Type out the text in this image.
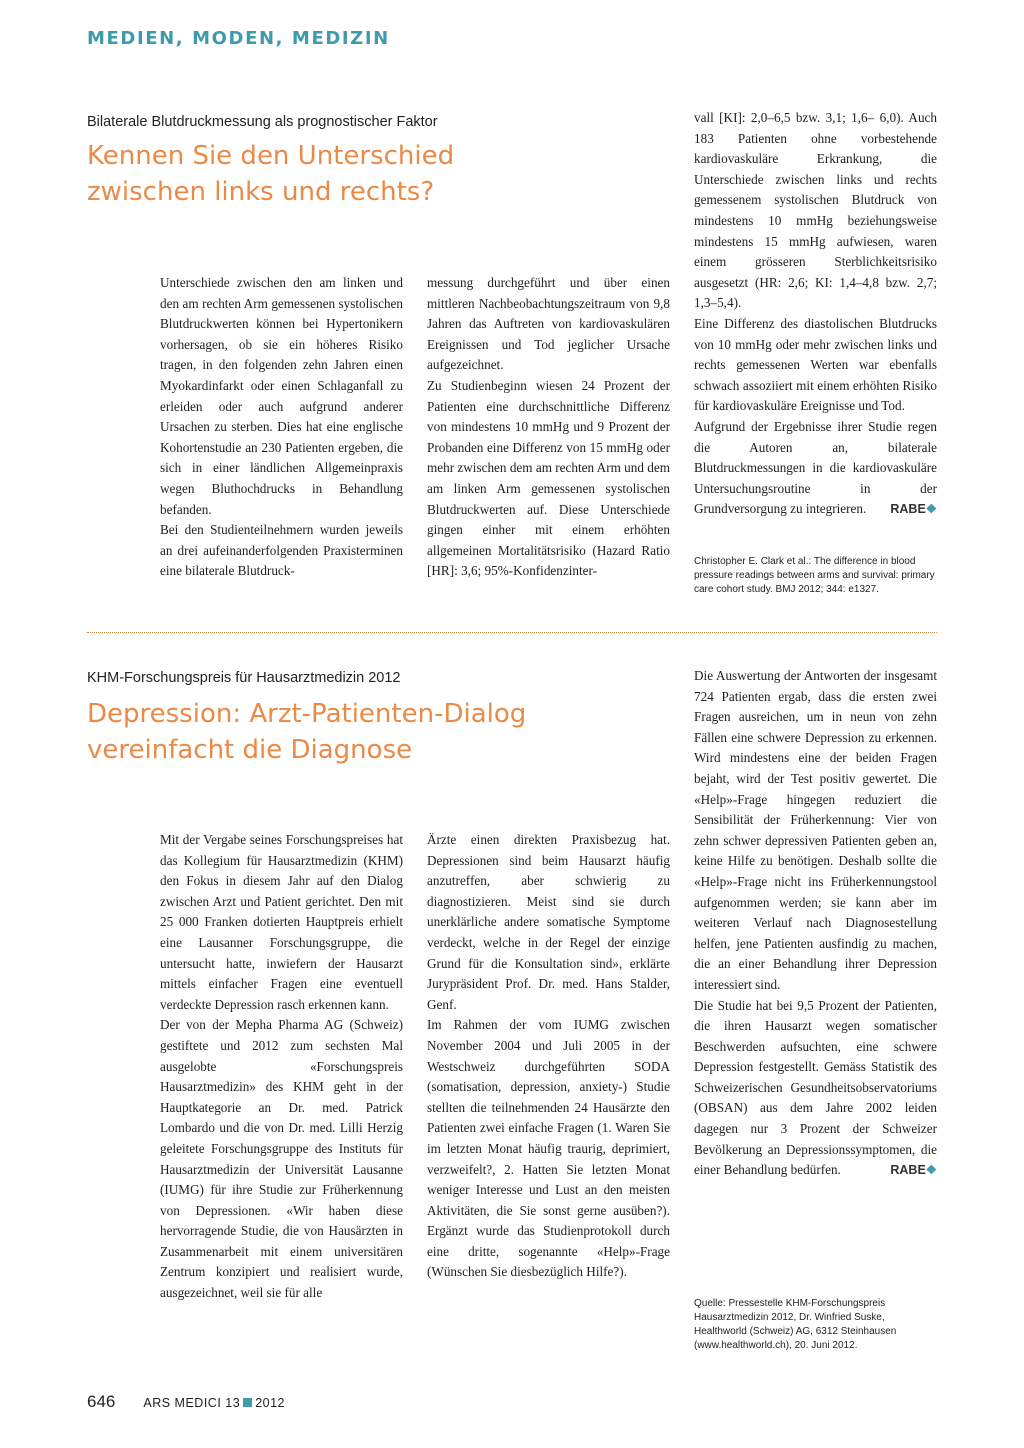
MEDIEN, MODEN, MEDIZIN
Bilaterale Blutdruckmessung als prognostischer Faktor
Kennen Sie den Unterschied
zwischen links und rechts?

Unterschiede zwischen den am linken und den am rechten Arm gemessenen systolischen Blutdruckwerten können bei Hypertonikern vorhersagen, ob sie ein höheres Risiko tragen, in den folgenden zehn Jahren einen Myokardinfarkt oder einen Schlaganfall zu erleiden oder auch aufgrund anderer Ursachen zu sterben. Dies hat eine englische Kohortenstudie an 230 Patienten ergeben, die sich in einer ländlichen Allgemeinpraxis wegen Bluthochdrucks in Behandlung befanden.

Bei den Studienteilnehmern wurden jeweils an drei aufeinanderfolgenden Praxisterminen eine bilaterale Blutdruck-

messung durchgeführt und über einen mittleren Nachbeobachtungszeitraum von 9,8 Jahren das Auftreten von kardiovaskulären Ereignissen und Tod jeglicher Ursache aufgezeichnet.

Zu Studienbeginn wiesen 24 Prozent der Patienten eine durchschnittliche Differenz von mindestens 10 mmHg und 9 Prozent der Probanden eine Differenz von 15 mmHg oder mehr zwischen dem am rechten Arm und dem am linken Arm gemessenen systolischen Blutdruckwerten auf. Diese Unterschiede gingen einher mit einem erhöhten allgemeinen Mortalitätsrisiko (Hazard Ratio [HR]: 3,6; 95%-Konfidenzinter-

vall [KI]: 2,0–6,5 bzw. 3,1; 1,6– 6,0). Auch 183 Patienten ohne vorbestehende kardiovaskuläre Erkrankung, die Unterschiede zwischen links und rechts gemessenem systolischen Blutdruck von mindestens 10 mmHg beziehungsweise mindestens 15 mmHg aufwiesen, waren einem grösseren Sterblichkeitsrisiko ausgesetzt (HR: 2,6; KI: 1,4–4,8 bzw. 2,7; 1,3–5,4).

Eine Differenz des diastolischen Blutdrucks von 10 mmHg oder mehr zwischen links und rechts gemessenen Werten war ebenfalls schwach assoziiert mit einem erhöhten Risiko für kardiovaskuläre Ereignisse und Tod.

Aufgrund der Ergebnisse ihrer Studie regen die Autoren an, bilaterale Blutdruckmessungen in die kardiovaskuläre Untersuchungsroutine in der Grundversorgung zu integrieren. RABE❖

Christopher E. Clark et al.: The difference in blood pressure readings between arms and survival: primary care cohort study. BMJ 2012; 344: e1327.
KHM-Forschungspreis für Hausarztmedizin 2012
Depression: Arzt-Patienten-Dialog
vereinfacht die Diagnose

Mit der Vergabe seines Forschungspreises hat das Kollegium für Hausarztmedizin (KHM) den Fokus in diesem Jahr auf den Dialog zwischen Arzt und Patient gerichtet. Den mit 25 000 Franken dotierten Hauptpreis erhielt eine Lausanner Forschungsgruppe, die untersucht hatte, inwiefern der Hausarzt mittels einfacher Fragen eine eventuell verdeckte Depression rasch erkennen kann.

Der von der Mepha Pharma AG (Schweiz) gestiftete und 2012 zum sechsten Mal ausgelobte «Forschungspreis Hausarztmedizin» des KHM geht in der Hauptkategorie an Dr. med. Patrick Lombardo und die von Dr. med. Lilli Herzig geleitete Forschungsgruppe des Instituts für Hausarztmedizin der Universität Lausanne (IUMG) für ihre Studie zur Früherkennung von Depressionen. «Wir haben diese hervorragende Studie, die von Hausärzten in Zusammenarbeit mit einem universitären Zentrum konzipiert und realisiert wurde, ausgezeichnet, weil sie für alle

Ärzte einen direkten Praxisbezug hat. Depressionen sind beim Hausarzt häufig anzutreffen, aber schwierig zu diagnostizieren. Meist sind sie durch unerklärliche andere somatische Symptome verdeckt, welche in der Regel der einzige Grund für die Konsultation sind», erklärte Jurypräsident Prof. Dr. med. Hans Stalder, Genf.

Im Rahmen der vom IUMG zwischen November 2004 und Juli 2005 in der Westschweiz durchgeführten SODA (somatisation, depression, anxiety-) Studie stellten die teilnehmenden 24 Hausärzte den Patienten zwei einfache Fragen (1. Waren Sie im letzten Monat häufig traurig, deprimiert, verzweifelt?, 2. Hatten Sie letzten Monat weniger Interesse und Lust an den meisten Aktivitäten, die Sie sonst gerne ausüben?). Ergänzt wurde das Studienprotokoll durch eine dritte, sogenannte «Help»-Frage (Wünschen Sie diesbezüglich Hilfe?).

Die Auswertung der Antworten der insgesamt 724 Patienten ergab, dass die ersten zwei Fragen ausreichen, um in neun von zehn Fällen eine schwere Depression zu erkennen. Wird mindestens eine der beiden Fragen bejaht, wird der Test positiv gewertet. Die «Help»-Frage hingegen reduziert die Sensibilität der Früherkennung: Vier von zehn schwer depressiven Patienten geben an, keine Hilfe zu benötigen. Deshalb sollte die «Help»-Frage nicht ins Früherkennungstool aufgenommen werden; sie kann aber im weiteren Verlauf nach Diagnosestellung helfen, jene Patienten ausfindig zu machen, die an einer Behandlung ihrer Depression interessiert sind.

Die Studie hat bei 9,5 Prozent der Patienten, die ihren Hausarzt wegen somatischer Beschwerden aufsuchten, eine schwere Depression festgestellt. Gemäss Statistik des Schweizerischen Gesundheitsobservatoriums (OBSAN) aus dem Jahre 2002 leiden dagegen nur 3 Prozent der Schweizer Bevölkerung an Depressionssymptomen, die einer Behandlung bedürfen.	RABE❖

Quelle: Pressestelle KHM-Forschungspreis Hausarztmedizin 2012, Dr. Winfried Suske, Healthworld (Schweiz) AG, 6312 Steinhausen (www.healthworld.ch), 20. Juni 2012.
646 ARS MEDICI 13 2012
